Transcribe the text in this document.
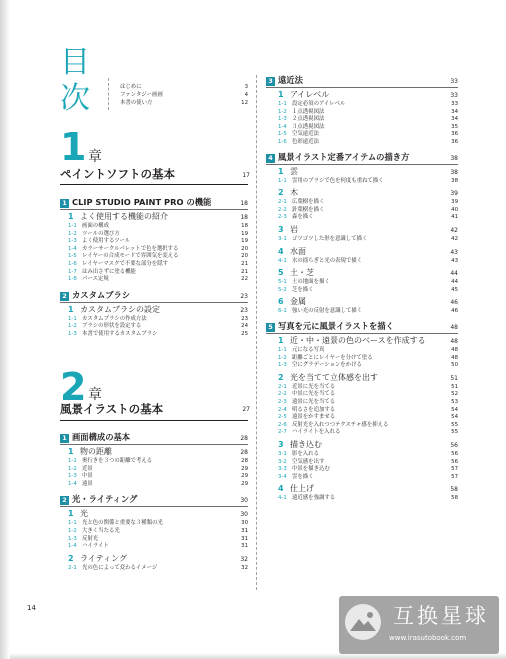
目
次	はじめに	3
ファンタジー画画	4
本書の使い方	12
1 章
ペイントソフトの基本	17
2 章
風景イラストの基本	27
1 CLIP STUDIO PAINT PRO の機能	18
1 よく使用する機能の紹介	18
1-1 画面の構成	18
1-2 ツールの選び方	19
1-3 よく使用するツール	19
1-4 カラーサークルパレットで色を選択する	20
1-5 レイヤーの合成モードで雰囲気を変える	20
1-6 レイヤーマスクで不要な部分を隠す	21
1-7 はみ出さずに塗る機能	21
1-8 パース定規	22
2 カスタムブラシ	23
1 カスタムブラシの設定	23
1-1 カスタムブラシの作成方法	23
1-2 ブラシの形状を設定する	24
1-3 本書で使用するカスタムブラシ	25
1 画面構成の基本	28
1 物の距離	28
1-1 奥行きを３つの距離で考える	28
1-2 近景	29
1-3 中景	29
1-4 遠景	29
2 光・ライティング	30
1 光	30
1-1 光と色の関係と重要な３種類の光	30
1-2 大きく当たる光	31
1-3 反射光	31
1-4 ハイライト	31
2 ライティング	32
2-1 光の色によって変わるイメージ	32
3 遠近法	33
1 アイレベル	33
1-1 設定必須のアイレベル	33
1-2 １点透視図法	34
1-3 ２点透視図法	34
1-4 ３点透視図法	35
1-5 空気遠近法	36
1-6 色彩遠近法	36
4 風景イラスト定番アイテムの描き方	38
1 雲	38
1-1 雲用のブラシで色を何度も重ねて描く	38
2 木	39
2-1 広葉樹を描く	39
2-2 針葉樹を描く	40
2-3 森を描く	41
3 岩	42
3-1 ゴツゴツした形を意識して描く	42
4 水面	43
4-1 水の揺らぎと光の表現で描く	43
5 土・芝	44
5-1 土の地面を描く	44
5-2 芝を描く	45
6 金属	46
6-1 強い光の反射を意識して描く	46
5 写真を元に風景イラストを描く	48
1 近・中・遠景の色のベースを作成する	48
1-1 元になる写真	48
1-2 距離ごとにレイヤーを分けて塗る	48
1-3 空にグラデーションをかける	50
2 光を当てて立体感を出す	51
2-1 近景に光を当てる	51
2-2 中景に光を当てる	52
2-3 遠景に光を当てる	53
2-4 明るさを追加する	54
2-5 遠景をかすませる	54
2-6 反射光を入れつつテクスチャ感を抑える	55
2-7 ハイライトを入れる	55
3 描き込む	56
3-1 影を入れる	56
3-2 空気感を出す	56
3-3 中景を描き込む	57
3-4 雲を描く	57
4 仕上げ	58
4-1 遠近感を強調する	58
14	互换星球
www.irasutobook.com
